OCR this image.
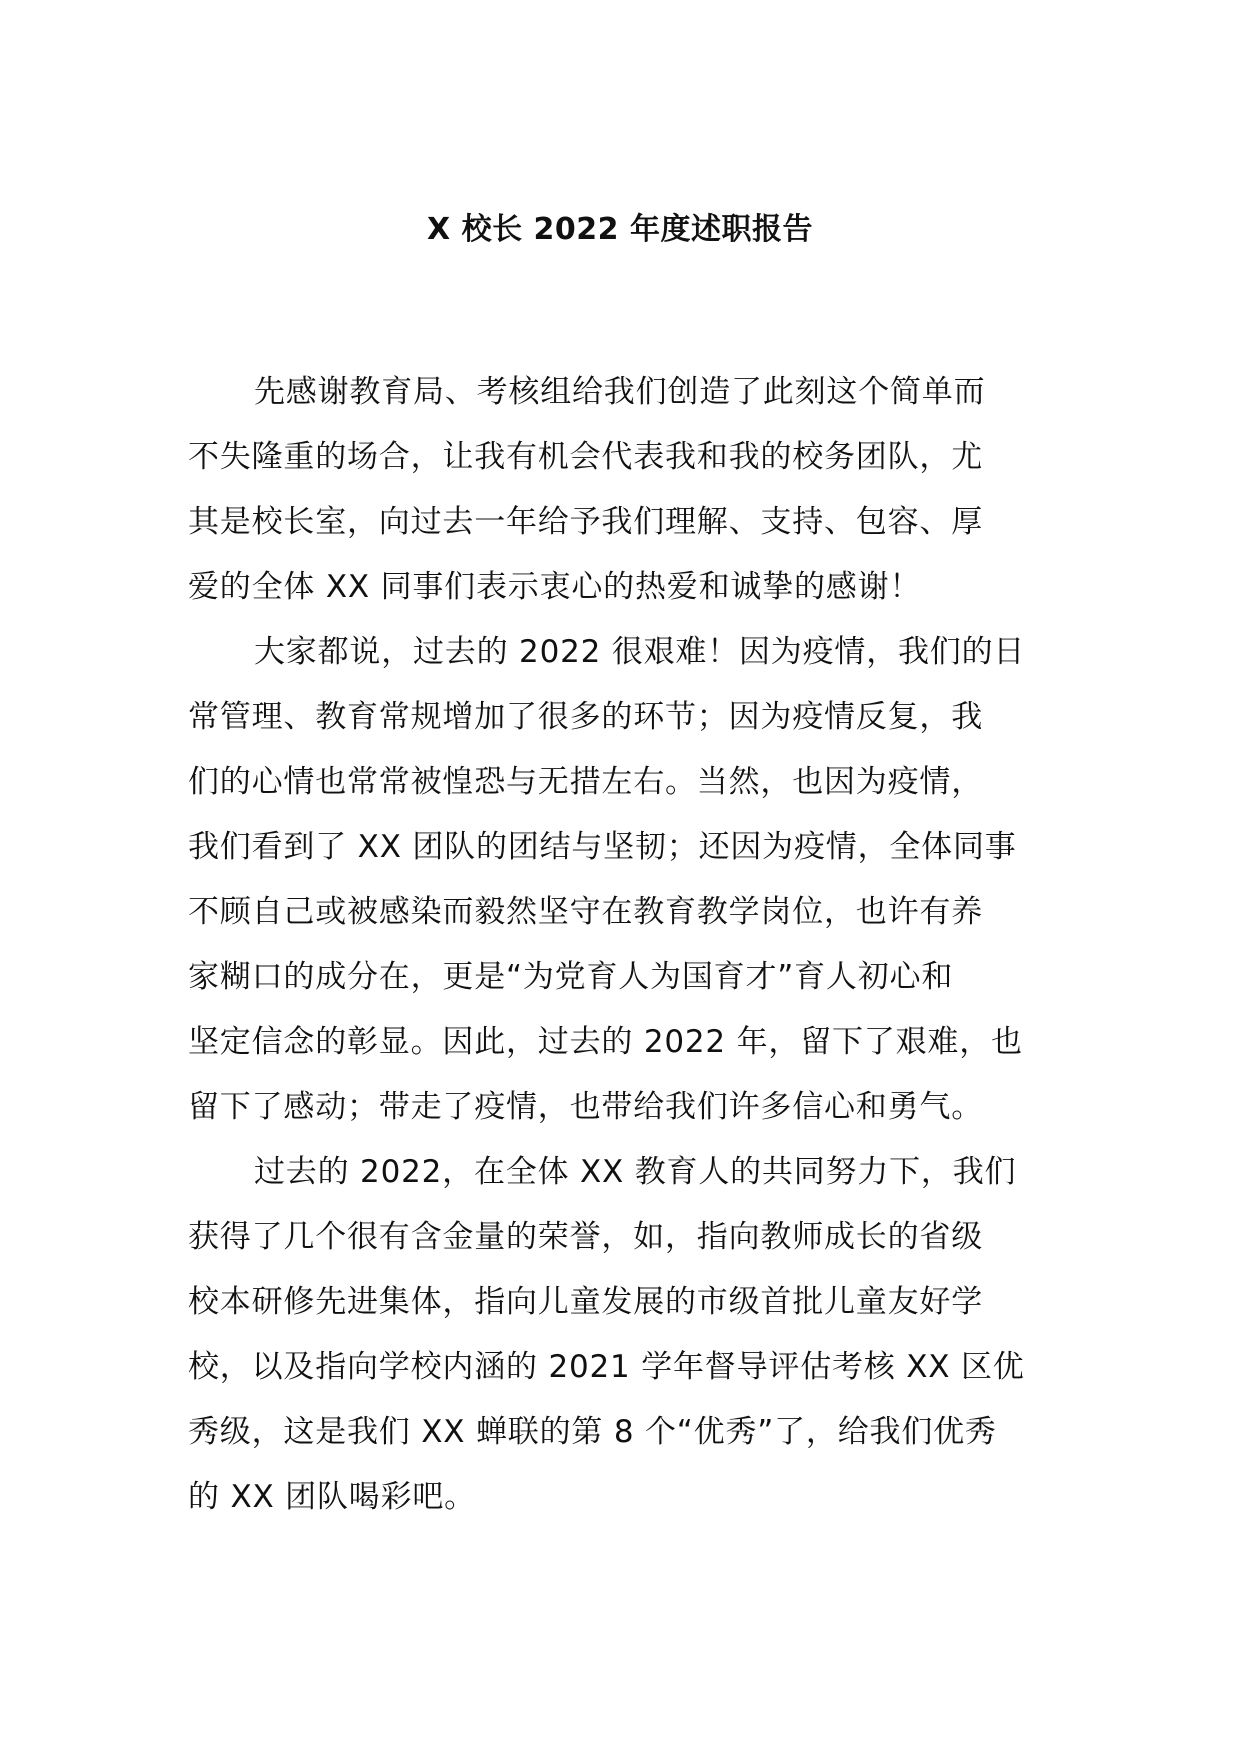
X 校长 2022 年度述职报告
先感谢教育局、考核组给我们创造了此刻这个简单而
不失隆重的场合，让我有机会代表我和我的校务团队，尤
其是校长室，向过去一年给予我们理解、支持、包容、厚
爱的全体 XX 同事们表示衷心的热爱和诚挚的感谢！
大家都说，过去的 2022 很艰难！因为疫情，我们的日
常管理、教育常规增加了很多的环节；因为疫情反复，我
们的心情也常常被惶恐与无措左右。当然，也因为疫情，
我们看到了 XX 团队的团结与坚韧；还因为疫情，全体同事
不顾自己或被感染而毅然坚守在教育教学岗位，也许有养
家糊口的成分在，更是“为党育人为国育才”育人初心和
坚定信念的彰显。因此，过去的 2022 年，留下了艰难，也
留下了感动；带走了疫情，也带给我们许多信心和勇气。
过去的 2022，在全体 XX 教育人的共同努力下，我们
获得了几个很有含金量的荣誉，如，指向教师成长的省级
校本研修先进集体，指向儿童发展的市级首批儿童友好学
校，以及指向学校内涵的 2021 学年督导评估考核 XX 区优
秀级，这是我们 XX 蝉联的第 8 个“优秀”了，给我们优秀
的 XX 团队喝彩吧。
